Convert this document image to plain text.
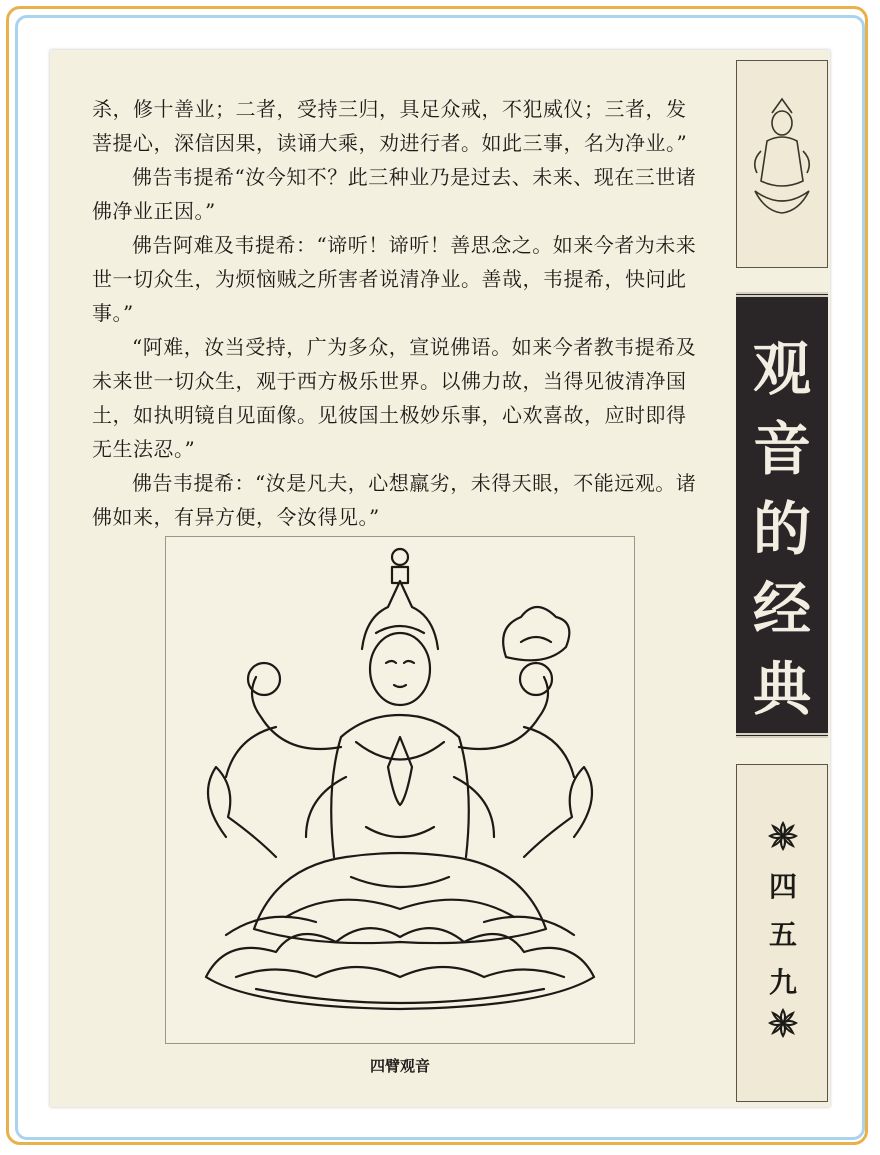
杀，修十善业；二者，受持三归，具足众戒，不犯威仪；三者，发菩提心，深信因果，读诵大乘，劝进行者。如此三事，名为净业。”

佛告韦提希“汝今知不？此三种业乃是过去、未来、现在三世诸佛净业正因。”

佛告阿难及韦提希：“谛听！谛听！善思念之。如来今者为未来世一切众生，为烦恼贼之所害者说清净业。善哉，韦提希，快问此事。”

“阿难，汝当受持，广为多众，宣说佛语。如来今者教韦提希及未来世一切众生，观于西方极乐世界。以佛力故，当得见彼清净国土，如执明镜自见面像。见彼国土极妙乐事，心欢喜故，应时即得无生法忍。”

佛告韦提希：“汝是凡夫，心想羸劣，未得天眼，不能远观。诸佛如来，有异方便，令汝得见。”

四臂观音
观
音
的
经
典
四
五
九
